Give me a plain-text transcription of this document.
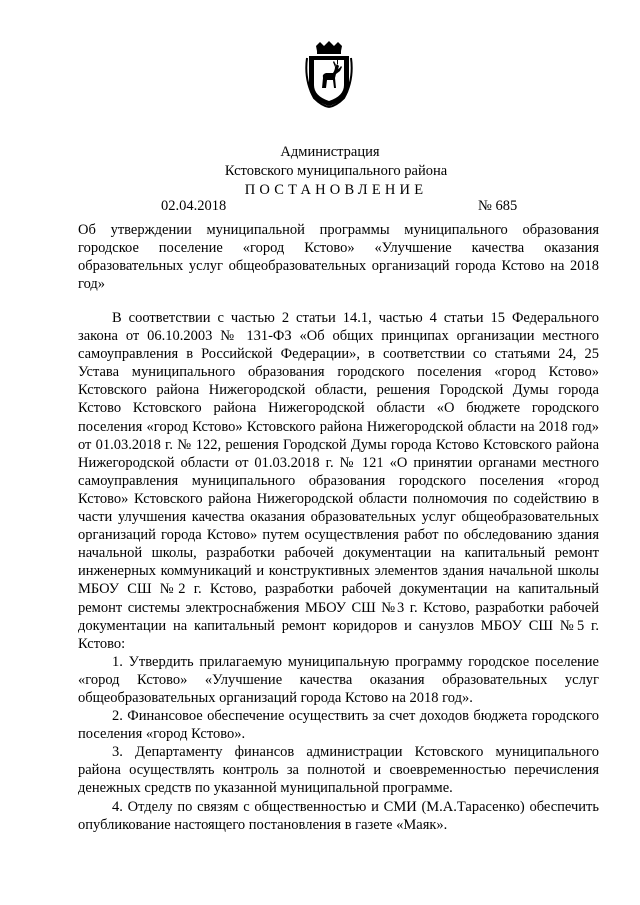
Администрация
Кстовского муниципального района
ПОСТАНОВЛЕНИЕ
02.04.2018	№ 685
Об утверждении муниципальной программы муниципального образования городское поселение «город Кстово» «Улучшение качества оказания образовательных услуг общеобразовательных организаций города Кстово на 2018 год»

В соответствии с частью 2 статьи 14.1, частью 4 статьи 15 Федерального закона от 06.10.2003 № 131-ФЗ «Об общих принципах организации местного самоуправления в Российской Федерации», в соответствии со статьями 24, 25 Устава муниципального образования городского поселения «город Кстово» Кстовского района Нижегородской области, решения Городской Думы города Кстово Кстовского района Нижегородской области «О бюджете городского поселения «город Кстово» Кстовского района Нижегородской области на 2018 год» от 01.03.2018 г. № 122, решения Городской Думы города Кстово Кстовского района Нижегородской области от 01.03.2018 г. № 121 «О принятии органами местного самоуправления муниципального образования городского поселения «город Кстово» Кстовского района Нижегородской области полномочия по содействию в части улучшения качества оказания образовательных услуг общеобразовательных организаций города Кстово» путем осуществления работ по обследованию здания начальной школы, разработки рабочей документации на капитальный ремонт инженерных коммуникаций и конструктивных элементов здания начальной школы МБОУ СШ №2 г. Кстово, разработки рабочей документации на капитальный ремонт системы электроснабжения МБОУ СШ №3 г. Кстово, разработки рабочей документации на капитальный ремонт коридоров и санузлов МБОУ СШ №5 г. Кстово:

1. Утвердить прилагаемую муниципальную программу городское поселение «город Кстово» «Улучшение качества оказания образовательных услуг общеобразовательных организаций города Кстово на 2018 год».

2. Финансовое обеспечение осуществить за счет доходов бюджета городского поселения «город Кстово».

3. Департаменту финансов администрации Кстовского муниципального района осуществлять контроль за полнотой и своевременностью перечисления денежных средств по указанной муниципальной программе.

4. Отделу по связям с общественностью и СМИ (М.А.Тарасенко) обеспечить опубликование настоящего постановления в газете «Маяк».
